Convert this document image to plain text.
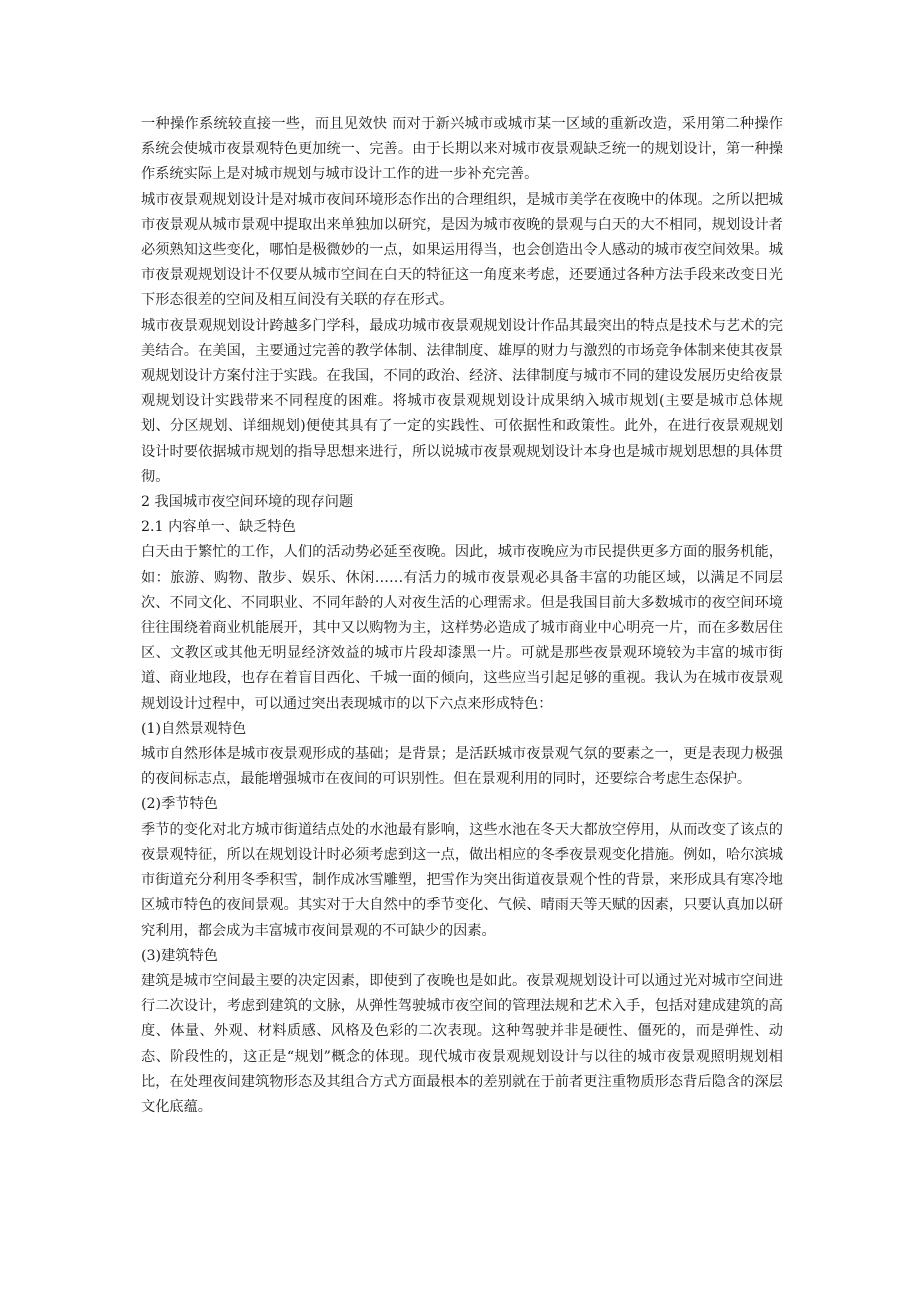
一种操作系统较直接一些，而且见效快 而对于新兴城市或城市某一区域的重新改造，采用第二种操作系统会使城市夜景观特色更加统一、完善。由于长期以来对城市夜景观缺乏统一的规划设计，第一种操作系统实际上是对城市规划与城市设计工作的进一步补充完善。

城市夜景观规划设计是对城市夜间环境形态作出的合理组织，是城市美学在夜晚中的体现。之所以把城市夜景观从城市景观中提取出来单独加以研究，是因为城市夜晚的景观与白天的大不相同，规划设计者必须熟知这些变化，哪怕是极微妙的一点，如果运用得当，也会创造出令人感动的城市夜空间效果。城市夜景观规划设计不仅要从城市空间在白天的特征这一角度来考虑，还要通过各种方法手段来改变日光下形态很差的空间及相互间没有关联的存在形式。

城市夜景观规划设计跨越多门学科，最成功城市夜景观规划设计作品其最突出的特点是技术与艺术的完美结合。在美国，主要通过完善的教学体制、法律制度、雄厚的财力与激烈的市场竞争体制来使其夜景观规划设计方案付注于实践。在我国，不同的政治、经济、法律制度与城市不同的建设发展历史给夜景观规划设计实践带来不同程度的困难。将城市夜景观规划设计成果纳入城市规划(主要是城市总体规划、分区规划、详细规划)便使其具有了一定的实践性、可依据性和政策性。此外，在进行夜景观规划设计时要依据城市规划的指导思想来进行，所以说城市夜景观规划设计本身也是城市规划思想的具体贯彻。

2 我国城市夜空间环境的现存问题

2.1 内容单一、缺乏特色

白天由于繁忙的工作，人们的活动势必延至夜晚。因此，城市夜晚应为市民提供更多方面的服务机能，如：旅游、购物、散步、娱乐、休闲……有活力的城市夜景观必具备丰富的功能区域，以满足不同层次、不同文化、不同职业、不同年龄的人对夜生活的心理需求。但是我国目前大多数城市的夜空间环境往往围绕着商业机能展开，其中又以购物为主，这样势必造成了城市商业中心明亮一片，而在多数居住区、文教区或其他无明显经济效益的城市片段却漆黑一片。可就是那些夜景观环境较为丰富的城市街道、商业地段，也存在着盲目西化、千城一面的倾向，这些应当引起足够的重视。我认为在城市夜景观规划设计过程中，可以通过突出表现城市的以下六点来形成特色：

(1)自然景观特色

城市自然形体是城市夜景观形成的基础；是背景；是活跃城市夜景观气氛的要素之一，更是表现力极强的夜间标志点，最能增强城市在夜间的可识别性。但在景观利用的同时，还要综合考虑生态保护。

(2)季节特色

季节的变化对北方城市街道结点处的水池最有影响，这些水池在冬天大都放空停用，从而改变了该点的夜景观特征，所以在规划设计时必须考虑到这一点，做出相应的冬季夜景观变化措施。例如，哈尔滨城市街道充分利用冬季积雪，制作成冰雪雕塑，把雪作为突出街道夜景观个性的背景，来形成具有寒冷地区城市特色的夜间景观。其实对于大自然中的季节变化、气候、晴雨天等天赋的因素，只要认真加以研究利用，都会成为丰富城市夜间景观的不可缺少的因素。

(3)建筑特色

建筑是城市空间最主要的决定因素，即使到了夜晚也是如此。夜景观规划设计可以通过光对城市空间进行二次设计，考虑到建筑的文脉，从弹性驾驶城市夜空间的管理法规和艺术入手，包括对建成建筑的高度、体量、外观、材料质感、风格及色彩的二次表现。这种驾驶并非是硬性、僵死的，而是弹性、动态、阶段性的，这正是“规划”概念的体现。现代城市夜景观规划设计与以往的城市夜景观照明规划相比，在处理夜间建筑物形态及其组合方式方面最根本的差别就在于前者更注重物质形态背后隐含的深层文化底蕴。
